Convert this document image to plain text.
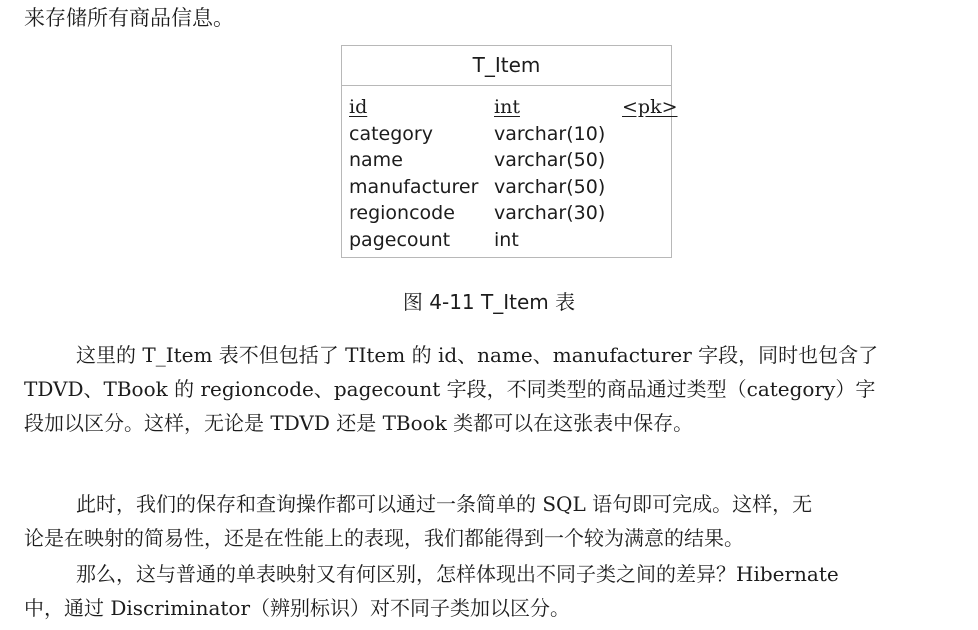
来存储所有商品信息。
T_Item
id	int	<pk>
category	varchar(10)
name	varchar(50)
manufacturer varchar(50)
regioncode varchar(30)
pagecount int
图 4-11 T_Item 表
这里的 T_Item 表不但包括了 TItem 的 id、name、manufacturer 字段，同时也包含了
TDVD、TBook 的 regioncode、pagecount 字段，不同类型的商品通过类型（category）字
段加以区分。这样，无论是 TDVD 还是 TBook 类都可以在这张表中保存。
此时，我们的保存和查询操作都可以通过一条简单的 SQL 语句即可完成。这样，无
论是在映射的简易性，还是在性能上的表现，我们都能得到一个较为满意的结果。
那么，这与普通的单表映射又有何区别，怎样体现出不同子类之间的差异？Hibernate
中，通过 Discriminator（辨别标识）对不同子类加以区分。
